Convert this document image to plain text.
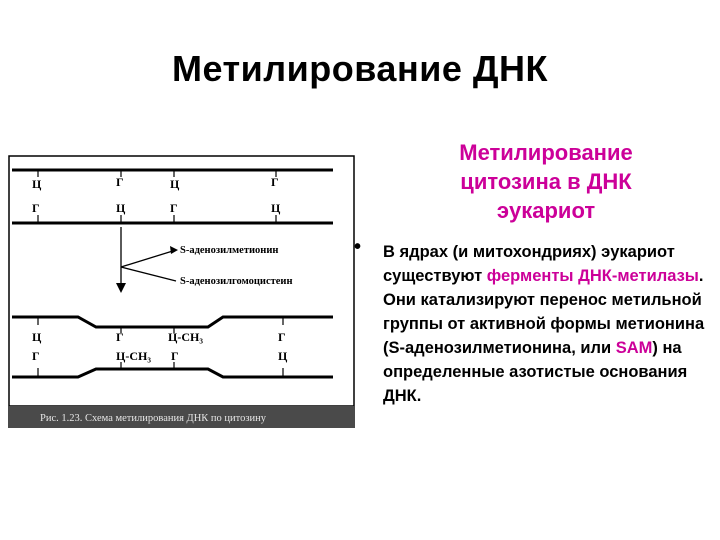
Метилирование ДНК
Метилирование
цитозина в ДНК
эукариот
• В ядрах (и митохондриях) эукариот существуют ферменты ДНК-метилазы. Они катализируют перенос метильной группы от активной формы метионина (S-аденозилметионина, или SAM) на определенные азотистые основания ДНК.
Ц	Г	Ц	Г
Г	Ц	Г	Ц
S-аденозилметионин
S-аденозилгомоцистеин
Ц	Г	Ц-CH₃	Г
Г	Ц-CH₃ Г	Ц
Рис. 1.23. Схема метилирования ДНК по цитозину
